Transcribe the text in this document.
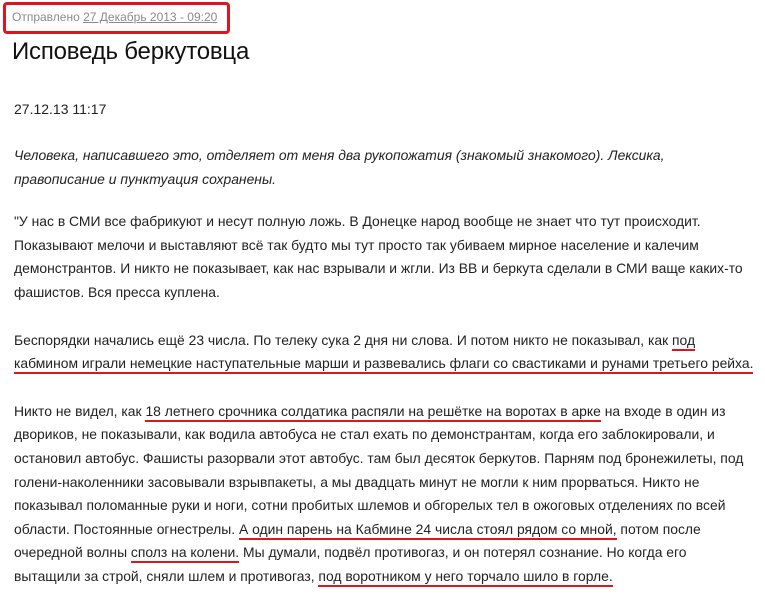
Отправлено 27 Декабрь 2013 - 09:20
Исповедь беркутовца
27.12.13 11:17

Человека, написавшего это, отделяет от меня два рукопожатия (знакомый знакомого). Лексика, правописание и пунктуация сохранены.

"У нас в СМИ все фабрикуют и несут полную ложь. В Донецке народ вообще не знает что тут происходит. Показывают мелочи и выставляют всё так будто мы тут просто так убиваем мирное население и калечим демонстрантов. И никто не показывает, как нас взрывали и жгли. Из ВВ и беркута сделали в СМИ ваще каких-то фашистов. Вся пресса куплена.

Беспорядки начались ещё 23 числа. По телеку сука 2 дня ни слова. И потом никто не показывал, как под кабмином играли немецкие наступательные марши и развевались флаги со свастиками и рунами третьего рейха.

Никто не видел, как 18 летнего срочника солдатика распяли на решётке на воротах в арке на входе в один из двориков, не показывали, как водила автобуса не стал ехать по демонстрантам, когда его заблокировали, и остановил автобус. Фашисты разорвали этот автобус. там был десяток беркутов. Парням под бронежилеты, под голени-наколенники засовывали взрывпакеты, а мы двадцать минут не могли к ним прорваться. Никто не показывал поломанные руки и ноги, сотни пробитых шлемов и обгорелых тел в ожоговых отделениях по всей области. Постоянные огнестрелы. А один парень на Кабмине 24 числа стоял рядом со мной, потом после очередной волны сполз на колени. Мы думали, подвёл противогаз, и он потерял сознание. Но когда его вытащили за строй, сняли шлем и противогаз, под воротником у него торчало шило в горле.
